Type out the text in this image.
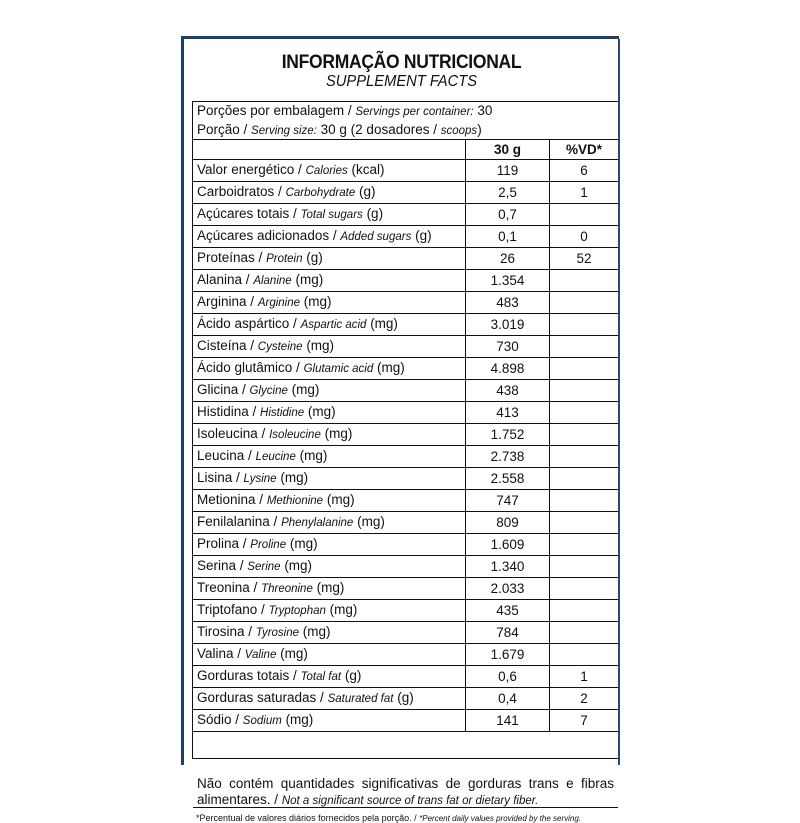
INFORMAÇÃO NUTRICIONAL
SUPPLEMENT FACTS
Porções por embalagem / Servings per container: 30
Porção / Serving size: 30 g (2 dosadores / scoops)
	30 g	%VD*
Valor energético / Calories (kcal)	119	6
Carboidratos / Carbohydrate (g)	2,5	1
Açúcares totais / Total sugars (g)	0,7	
Açúcares adicionados / Added sugars (g)	0,1	0
Proteínas / Protein (g)	26	52
Alanina / Alanine (mg)	1.354	
Arginina / Arginine (mg)	483	
Ácido aspártico / Aspartic acid (mg)	3.019	
Cisteína / Cysteine (mg)	730	
Ácido glutâmico / Glutamic acid (mg)	4.898	
Glicina / Glycine (mg)	438	
Histidina / Histidine (mg)	413	
Isoleucina / Isoleucine (mg)	1.752	
Leucina / Leucine (mg)	2.738	
Lisina / Lysine (mg)	2.558	
Metionina / Methionine (mg)	747	
Fenilalanina / Phenylalanine (mg)	809	
Prolina / Proline (mg)	1.609	
Serina / Serine (mg)	1.340	
Treonina / Threonine (mg)	2.033	
Triptofano / Tryptophan (mg)	435	
Tirosina / Tyrosine (mg)	784	
Valina / Valine (mg)	1.679	
Gorduras totais / Total fat (g)	0,6	1
Gorduras saturadas / Saturated fat (g)	0,4	2
Sódio / Sodium (mg)	141	7
Não contém quantidades significativas de gorduras trans e fibras alimentares. / Not a significant source of trans fat or dietary fiber.
*Percentual de valores diários fornecidos pela porção. / *Percent daily values provided by the serving.
